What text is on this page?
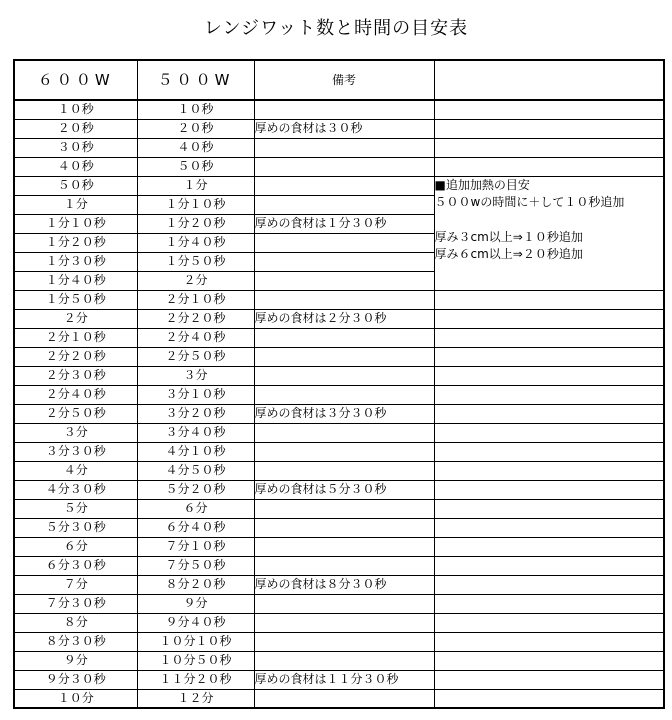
レンジワット数と時間の目安表
６００W	５００W	備考	
１０秒	１０秒		
２０秒	２０秒	厚めの食材は３０秒	
３０秒	４０秒		
４０秒	５０秒		
５０秒	１分		■追加加熱の目安
５００wの時間に＋して１０秒追加
厚み３cm以上⇒１０秒追加
厚み６cm以上⇒２０秒追加

１分	１分１０秒		
１分１０秒	１分２０秒	厚めの食材は１分３０秒	
１分２０秒	１分４０秒		
１分３０秒	１分５０秒		
１分４０秒	２分		
１分５０秒	２分１０秒		
２分	２分２０秒	厚めの食材は２分３０秒	
２分１０秒	２分４０秒		
２分２０秒	２分５０秒		
２分３０秒	３分		
２分４０秒	３分１０秒		
２分５０秒	３分２０秒	厚めの食材は３分３０秒	
３分	３分４０秒		
３分３０秒	４分１０秒		
４分	４分５０秒		
４分３０秒	５分２０秒	厚めの食材は５分３０秒	
５分	６分		
５分３０秒	６分４０秒		
６分	７分１０秒		
６分３０秒	７分５０秒		
７分	８分２０秒	厚めの食材は８分３０秒	
７分３０秒	９分		
８分	９分４０秒		
８分３０秒	１０分１０秒		
９分	１０分５０秒		
９分３０秒	１１分２０秒	厚めの食材は１１分３０秒	
１０分	１２分		
